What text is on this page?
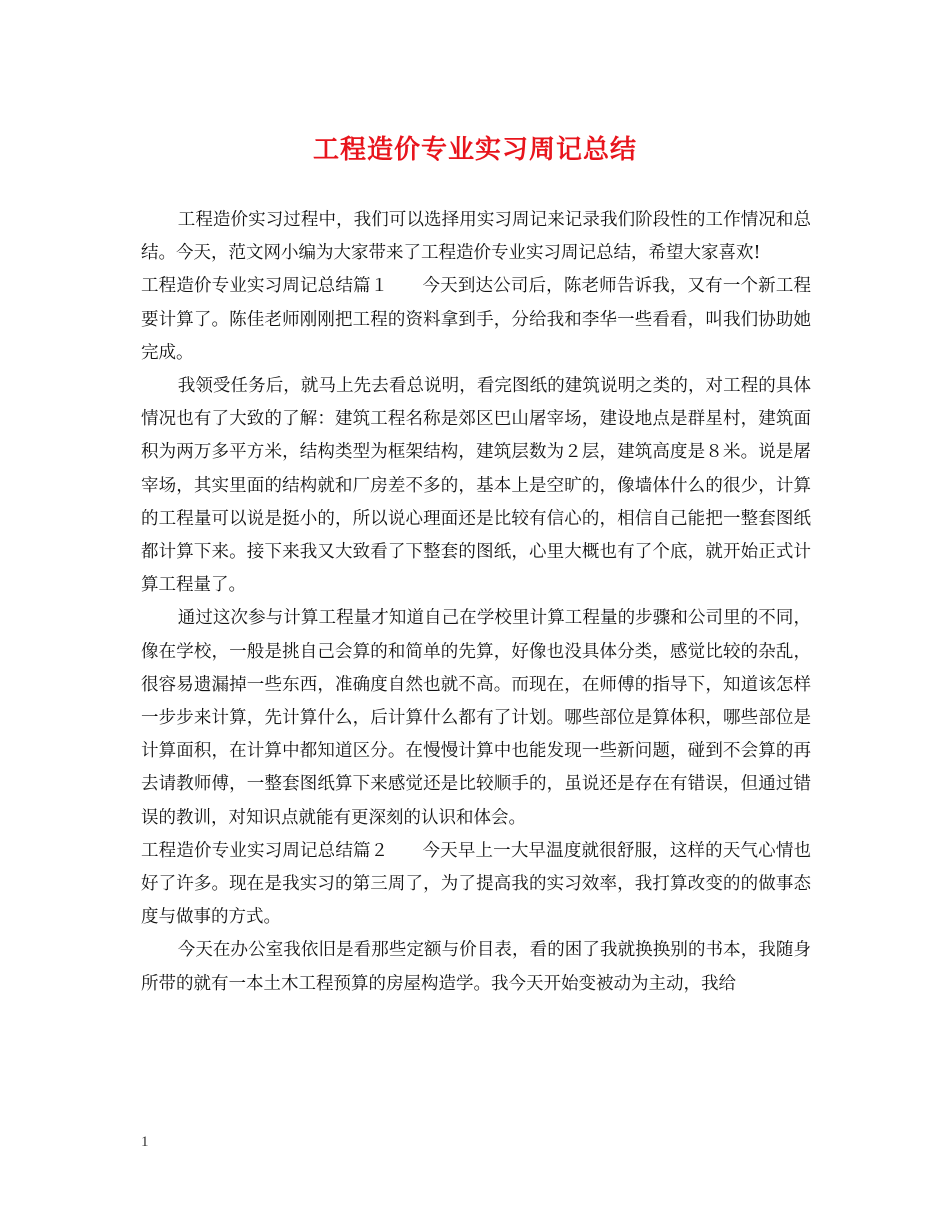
工程造价专业实习周记总结

工程造价实习过程中，我们可以选择用实习周记来记录我们阶段性的工作情况和总结。今天，范文网小编为大家带来了工程造价专业实习周记总结，希望大家喜欢!

工程造价专业实习周记总结篇１ 今天到达公司后，陈老师告诉我，又有一个新工程要计算了。陈佳老师刚刚把工程的资料拿到手，分给我和李华一些看看，叫我们协助她完成。

我领受任务后，就马上先去看总说明，看完图纸的建筑说明之类的，对工程的具体情况也有了大致的了解：建筑工程名称是郊区巴山屠宰场，建设地点是群星村，建筑面积为两万多平方米，结构类型为框架结构，建筑层数为２层，建筑高度是８米。说是屠宰场，其实里面的结构就和厂房差不多的，基本上是空旷的，像墙体什么的很少，计算的工程量可以说是挺小的，所以说心理面还是比较有信心的，相信自己能把一整套图纸都计算下来。接下来我又大致看了下整套的图纸，心里大概也有了个底，就开始正式计算工程量了。

通过这次参与计算工程量才知道自己在学校里计算工程量的步骤和公司里的不同，像在学校，一般是挑自己会算的和简单的先算，好像也没具体分类，感觉比较的杂乱，很容易遗漏掉一些东西，准确度自然也就不高。而现在，在师傅的指导下，知道该怎样一步步来计算，先计算什么，后计算什么都有了计划。哪些部位是算体积，哪些部位是计算面积，在计算中都知道区分。在慢慢计算中也能发现一些新问题，碰到不会算的再去请教师傅，一整套图纸算下来感觉还是比较顺手的，虽说还是存在有错误，但通过错误的教训，对知识点就能有更深刻的认识和体会。

工程造价专业实习周记总结篇２ 今天早上一大早温度就很舒服，这样的天气心情也好了许多。现在是我实习的第三周了，为了提高我的实习效率，我打算改变的的做事态度与做事的方式。

今天在办公室我依旧是看那些定额与价目表，看的困了我就换换别的书本，我随身所带的就有一本土木工程预算的房屋构造学。我今天开始变被动为主动，我给

1
